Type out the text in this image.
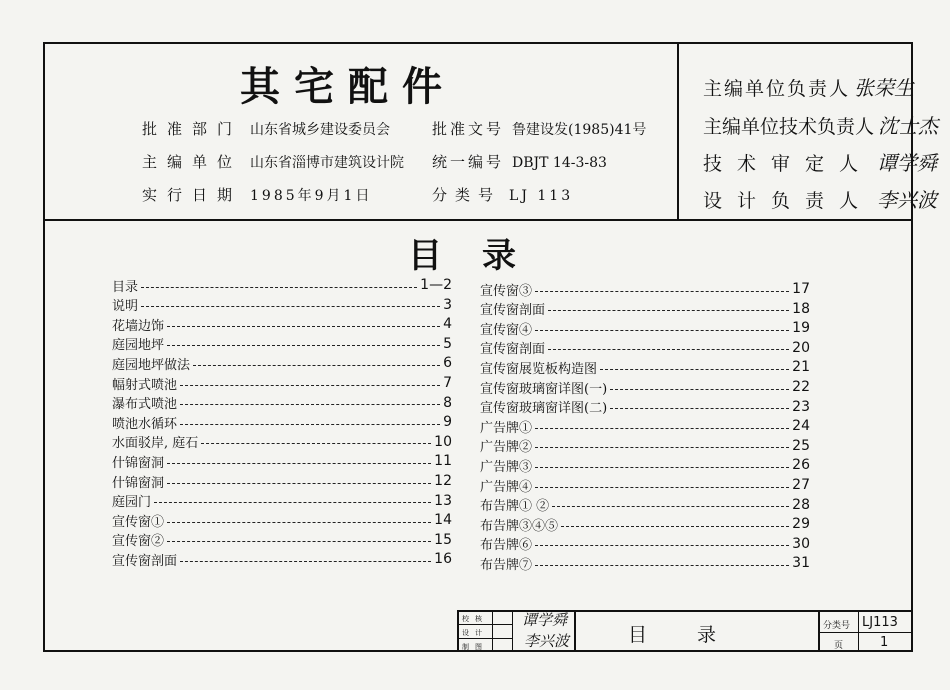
其宅配件
批准部门 山东省城乡建设委员会	批准文号 鲁建设发(1985)41号
主编单位 山东省淄博市建筑设计院 统一编号 DBJT 14-3-83
实行日期 1985年9月1日	分类号 LJ 113
主编单位负责人 张荣生
主编单位技术负责人 沈士杰
技术审定人 谭学舜
设计负责人 李兴波
目录
目录	1—2
说明	3
花墙边饰	4
庭园地坪	5
庭园地坪做法	6
幅射式喷池	7
瀑布式喷池	8
喷池水循环	9
水面驳岸, 庭石	10
什锦窗洞	11
什锦窗洞	12
庭园门	13
宣传窗①	14
宣传窗②	15
宣传窗剖面	16
宣传窗③	17
宣传窗剖面	18
宣传窗④	19
宣传窗剖面	20
宣传窗展览板构造图	21
宣传窗玻璃窗详图(一)	22
宣传窗玻璃窗详图(二)	23
广告牌①	24
广告牌②	25
广告牌③	26
广告牌④	27
布告牌① ②	28
布告牌③④⑤	29
布告牌⑥	30
布告牌⑦	31
校核
设计
制图
谭学舜
李兴波	目录	分类号 LJ113
页	1
